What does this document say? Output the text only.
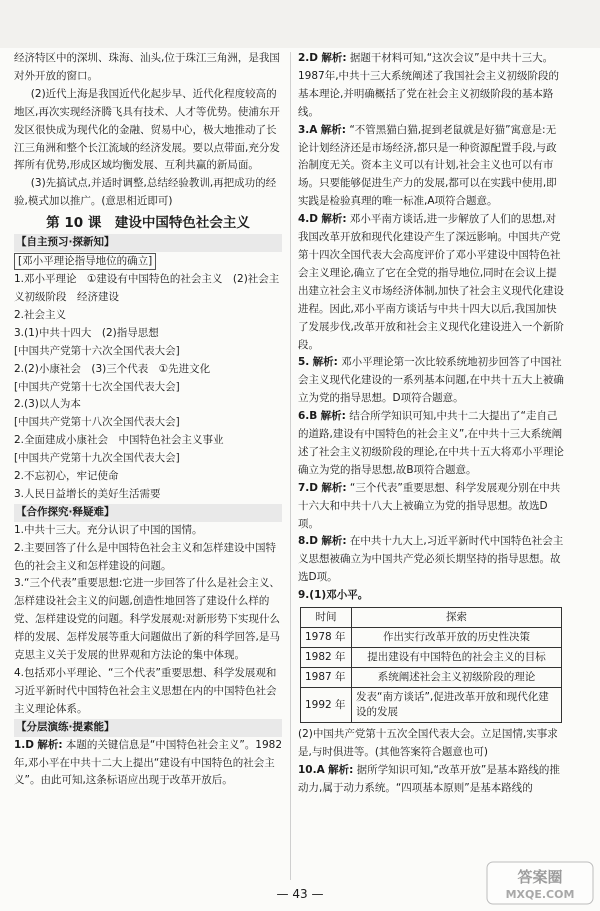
经济特区中的深圳、珠海、汕头,位于珠江三角洲，是我国对外开放的窗口。

(2)近代上海是我国近代化起步早、近代化程度较高的地区,再次实现经济腾飞具有技术、人才等优势。使浦东开发区很快成为现代化的金融、贸易中心，极大地推动了长江三角洲和整个长江流域的经济发展。要以点带面,充分发挥所有优势,形成区域均衡发展、互利共赢的新局面。

(3)先搞试点,并适时调整,总结经验教训,再把成功的经验,模式加以推广。(意思相近即可)

第 10 课　建设中国特色社会主义
【自主预习·探新知】
[邓小平理论指导地位的确立]

1.邓小平理论　①建设有中国特色的社会主义　(2)社会主义初级阶段　经济建设

2.社会主义

3.(1)中共十四大　(2)指导思想

[中国共产党第十六次全国代表大会]

2.(2)小康社会　(3)三个代表　①先进文化

[中国共产党第十七次全国代表大会]

2.(3)以人为本

[中国共产党第十八次全国代表大会]

2.全面建成小康社会　中国特色社会主义事业

[中国共产党第十九次全国代表大会]

2.不忘初心，牢记使命

3.人民日益增长的美好生活需要

【合作探究·释疑难】

1.中共十三大。充分认识了中国的国情。

2.主要回答了什么是中国特色社会主义和怎样建设中国特色的社会主义和怎样建设的问题。

3.“三个代表”重要思想:它进一步回答了什么是社会主义、怎样建设社会主义的问题,创造性地回答了建设什么样的党、怎样建设党的问题。科学发展观:对新形势下实现什么样的发展、怎样发展等重大问题做出了新的科学回答,是马克思主义关于发展的世界观和方法论的集中体现。

4.包括邓小平理论、“三个代表”重要思想、科学发展观和习近平新时代中国特色社会主义思想在内的中国特色社会主义理论体系。

【分层演练·提素能】

1.D 解析: 本题的关键信息是“中国特色社会主义”。1982年,邓小平在中共十二大上提出“建设有中国特色的社会主义”。由此可知,这条标语应出现于改革开放后。

2.D 解析: 据题干材料可知,“这次会议”是中共十三大。1987年,中共十三大系统阐述了我国社会主义初级阶段的基本理论,并明确概括了党在社会主义初级阶段的基本路线。

3.A 解析: “不管黑猫白猫,捉到老鼠就是好猫”寓意是:无论计划经济还是市场经济,都只是一种资源配置手段,与政治制度无关。资本主义可以有计划,社会主义也可以有市场。只要能够促进生产力的发展,都可以在实践中使用,即实践是检验真理的唯一标准,A项符合题意。

4.D 解析: 邓小平南方谈话,进一步解放了人们的思想,对我国改革开放和现代化建设产生了深远影响。中国共产党第十四次全国代表大会高度评价了邓小平建设中国特色社会主义理论,确立了它在全党的指导地位,同时在会议上提出建立社会主义市场经济体制,加快了社会主义现代化建设进程。因此,邓小平南方谈话与中共十四大以后,我国加快了发展步伐,改革开放和社会主义现代化建设进入一个新阶段。

5. 解析: 邓小平理论第一次比较系统地初步回答了中国社会主义现代化建设的一系列基本问题,在中共十五大上被确立为党的指导思想。D项符合题意。

6.B 解析: 结合所学知识可知,中共十二大提出了“走自己的道路,建设有中国特色的社会主义”,在中共十三大系统阐述了社会主义初级阶段的理论,在中共十五大将邓小平理论确立为党的指导思想,故B项符合题意。

7.D 解析: “三个代表”重要思想、科学发展观分别在中共十六大和中共十八大上被确立为党的指导思想。故选D项。

8.D 解析: 在中共十九大上,习近平新时代中国特色社会主义思想被确立为中国共产党必须长期坚持的指导思想。故选D项。

9.(1)邓小平。

时间	探索
1978 年	作出实行改革开放的历史性决策
1982 年	提出建设有中国特色的社会主义的目标
1987 年	系统阐述社会主义初级阶段的理论
1992 年	发表“南方谈话”,促进改革开放和现代化建设的发展

(2)中国共产党第十五次全国代表大会。立足国情,实事求是,与时俱进等。(其他答案符合题意也可)

10.A 解析: 据所学知识可知,“改革开放”是基本路线的推动力,属于动力系统。“四项基本原则”是基本路线的

— 43 —
答案圈
MXQE.COM
